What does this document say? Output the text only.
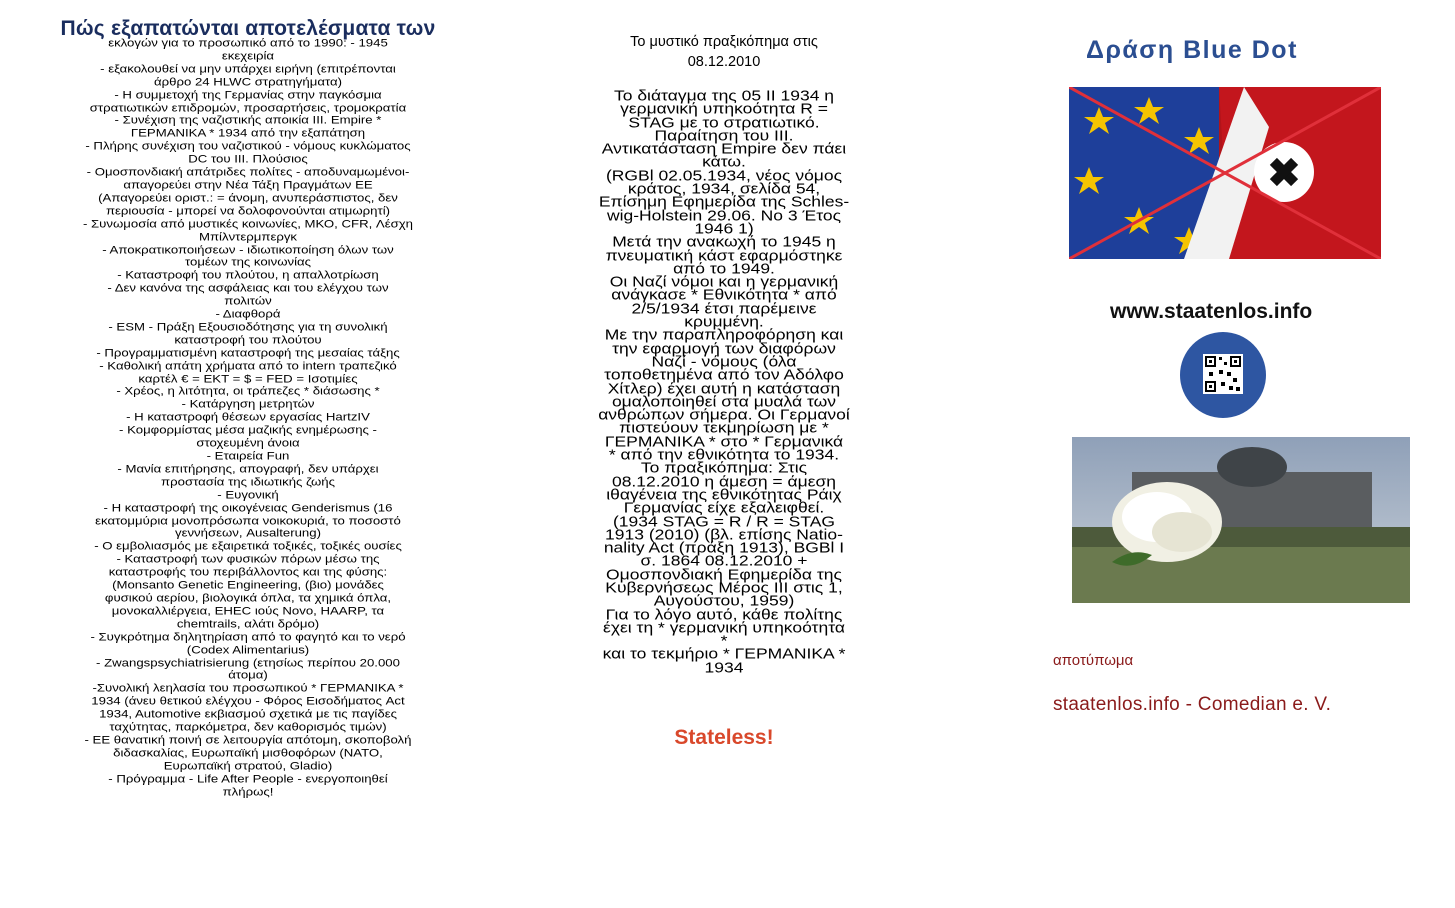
Πώς εξαπατώνται αποτελέσματα των
εκλογών για το προσωπικό από το 1990: - 1945
εκεχειρία
- εξακολουθεί να μην υπάρχει ειρήνη (επιτρέπονται
άρθρο 24 HLWC στρατηγήματα)
- Η συμμετοχή της Γερμανίας στην παγκόσμια
στρατιωτικών επιδρομών, προσαρτήσεις, τρομοκρατία
- Συνέχιση της ναζιστικής αποικία III. Empire *
ΓΕΡΜΑΝΙΚΑ * 1934 από την εξαπάτηση
- Πλήρης συνέχιση του ναζιστικού - νόμους κυκλώματος
DC του III. Πλούσιος
- Ομοσπονδιακή απάτριδες πολίτες - αποδυναμωμένοι-
απαγορεύει στην Νέα Τάξη Πραγμάτων ΕΕ
(Απαγορεύει οριστ.: = άνομη, ανυπεράσπιστος, δεν
περιουσία - μπορεί να δολοφονούνται ατιμωρητί)
- Συνωμοσία από μυστικές κοινωνίες, ΜΚΟ, CFR, Λέσχη
Μπίλντερμπεργκ
- Αποκρατικοποιήσεων - ιδιωτικοποίηση όλων των
τομέων της κοινωνίας
- Καταστροφή του πλούτου, η απαλλοτρίωση
- Δεν κανόνα της ασφάλειας και του ελέγχου των
πολιτών
- Διαφθορά
- ESM - Πράξη Εξουσιοδότησης για τη συνολική
καταστροφή του πλούτου
- Προγραμματισμένη καταστροφή της μεσαίας τάξης
- Καθολική απάτη χρήματα από το intern τραπεζικό
καρτέλ € = ΕΚΤ = $ = FED = Ισοτιμίες
- Χρέος, η λιτότητα, οι τράπεζες * διάσωσης *
- Κατάργηση μετρητών
- Η καταστροφή θέσεων εργασίας HartzIV
- Κομφορμίστας μέσα μαζικής ενημέρωσης -
στοχευμένη άνοια
- Εταιρεία Fun
- Μανία επιτήρησης, απογραφή, δεν υπάρχει
προστασία της ιδιωτικής ζωής
- Ευγονική
- Η καταστροφή της οικογένειας Genderismus (16
εκατομμύρια μονοπρόσωπα νοικοκυριά, το ποσοστό
γεννήσεων, Ausalterung)
- Ο εμβολιασμός με εξαιρετικά τοξικές, τοξικές ουσίες
- Καταστροφή των φυσικών πόρων μέσω της
καταστροφής του περιβάλλοντος και της φύσης:
(Monsanto Genetic Engineering, (βιο) μονάδες
φυσικού αερίου, βιολογικά όπλα, τα χημικά όπλα,
μονοκαλλιέργεια, EHEC ιούς Novo, HAARP, τα
chemtrails, αλάτι δρόμο)
- Συγκρότημα δηλητηρίαση από το φαγητό και το νερό
(Codex Alimentarius)
- Zwangspsychiatrisierung (ετησίως περίπου 20.000
άτομα)
-Συνολική λεηλασία του προσωπικού * ΓΕΡΜΑΝΙΚΑ *
1934 (άνευ θετικού ελέγχου - Φόρος Εισοδήματος Act
1934, Automotive εκβιασμού σχετικά με τις παγίδες
ταχύτητας, παρκόμετρα, δεν καθορισμός τιμών)
- ΕΕ θανατική ποινή σε λειτουργία απότομη, σκοποβολή
διδασκαλίας, Ευρωπαϊκή μισθοφόρων (ΝΑΤΟ,
Ευρωπαϊκή στρατού, Gladio)
- Πρόγραμμα - Life After People - ενεργοποιηθεί
πλήρως!
Το μυστικό πραξικόπημα στις
08.12.2010
Το διάταγμα της 05 II 1934 η
γερμανική υπηκοότητα R =
STAG με το στρατιωτικό.
Παραίτηση του ΙΙΙ.
Αντικατάσταση Empire δεν πάει
κάτω.
(RGBl 02.05.1934, νέος νόμος
κράτος, 1934, σελίδα 54,
Επίσημη Εφημερίδα της Schles-
wig-Holstein 29.06. Νο 3 Έτος
1946 1)
Μετά την ανακωχή το 1945 η
πνευματική κάστ εφαρμόστηκε
από το 1949.
Οι Ναζί νόμοι και η γερμανική
ανάγκασε * Εθνικότητα * από
2/5/1934 έτσι παρέμεινε
κρυμμένη.
Με την παραπληροφόρηση και
την εφαρμογή των διαφόρων
Ναζί - νόμους (όλα
τοποθετημένα από τον Αδόλφο
Χίτλερ) έχει αυτή η κατάσταση
ομαλοποιηθεί στα μυαλά των
ανθρώπων σήμερα. Οι Γερμανοί
πιστεύουν τεκμηρίωση με *
ΓΕΡΜΑΝΙΚΑ * στο * Γερμανικά
* από την εθνικότητα το 1934.
Το πραξικόπημα: Στις
08.12.2010 η άμεση = άμεση
ιθαγένεια της εθνικότητας Ράιχ
Γερμανίας είχε εξαλειφθεί.
(1934 STAG = R / R = STAG
1913 (2010) (βλ. επίσης Natio-
nality Act (πράξη 1913), BGBl I
σ. 1864 08.12.2010 +
Ομοσπονδιακή Εφημερίδα της
Κυβερνήσεως Μέρος ΙΙΙ στις 1,
Αυγούστου, 1959)
Για το λόγο αυτό, κάθε πολίτης
έχει τη * γερμανική υπηκοότητα
*
και το τεκμήριο * ΓΕΡΜΑΝΙΚΑ *
1934
Stateless!
Δράση Blue Dot
www.staatenlos.info
αποτύπωμα
staatenlos.info - Comedian e. V.
